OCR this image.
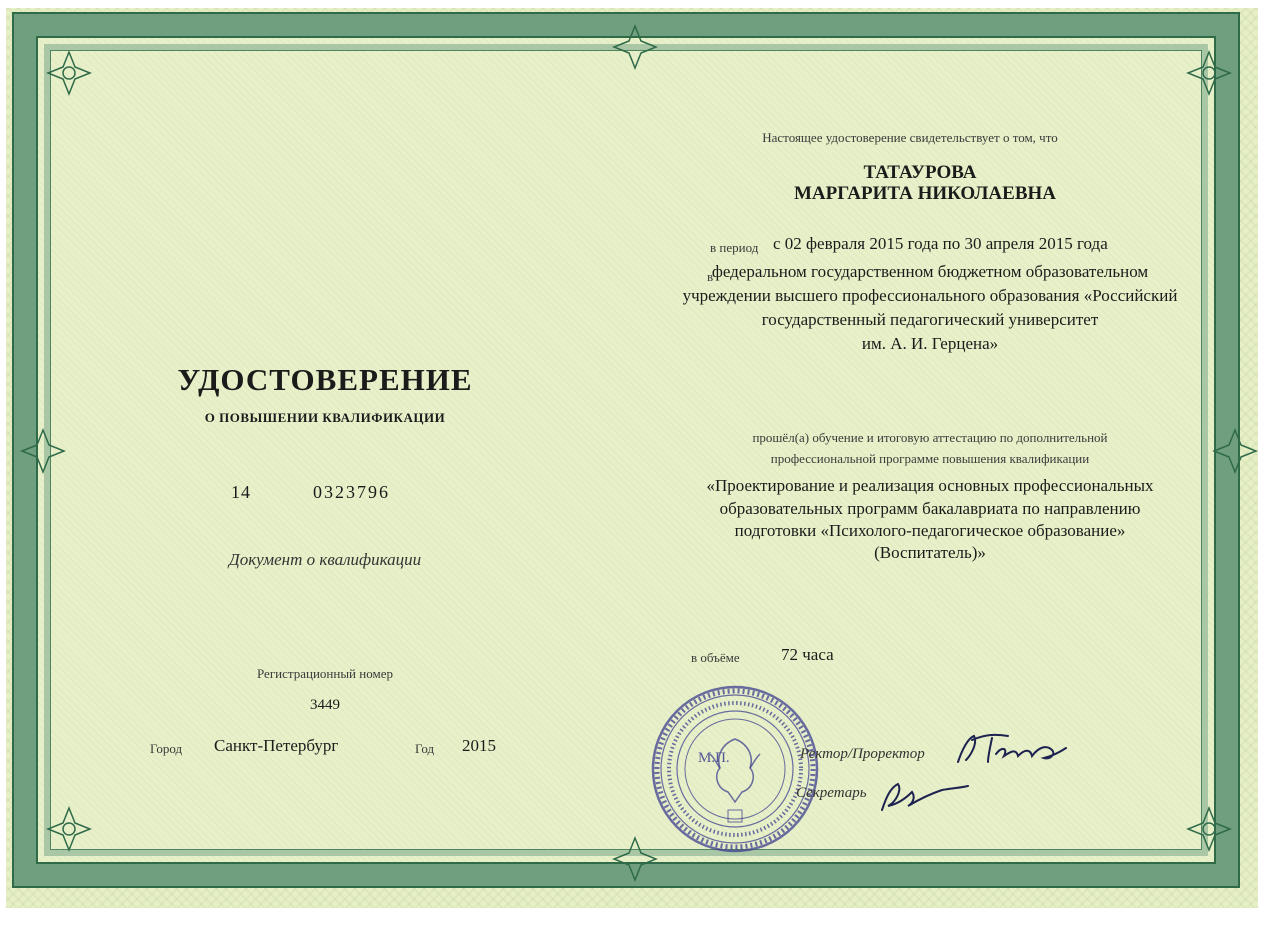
УДОСТОВЕРЕНИЕ
О ПОВЫШЕНИИ КВАЛИФИКАЦИИ
14	0323796
Документ о квалификации
Регистрационный номер
3449
Город Санкт-Петербург	Год 2015
Настоящее удостоверение свидетельствует о том, что
ТАТАУРОВА
МАРГАРИТА НИКОЛАЕВНА
в период с 02 февраля 2015 года по 30 апреля 2015 года
в
федеральном государственном бюджетном образовательном
учреждении высшего профессионального образования «Российский
государственный педагогический университет
им. А. И. Герцена»
прошёл(а) обучение и итоговую аттестацию по дополнительной
профессиональной программе повышения квалификации
«Проектирование и реализация основных профессиональных
образовательных программ бакалавриата по направлению
подготовки «Психолого-педагогическое образование»
(Воспитатель)»
в объёме 72 часа
М.П.	Ректор/Проректор
Секретарь
